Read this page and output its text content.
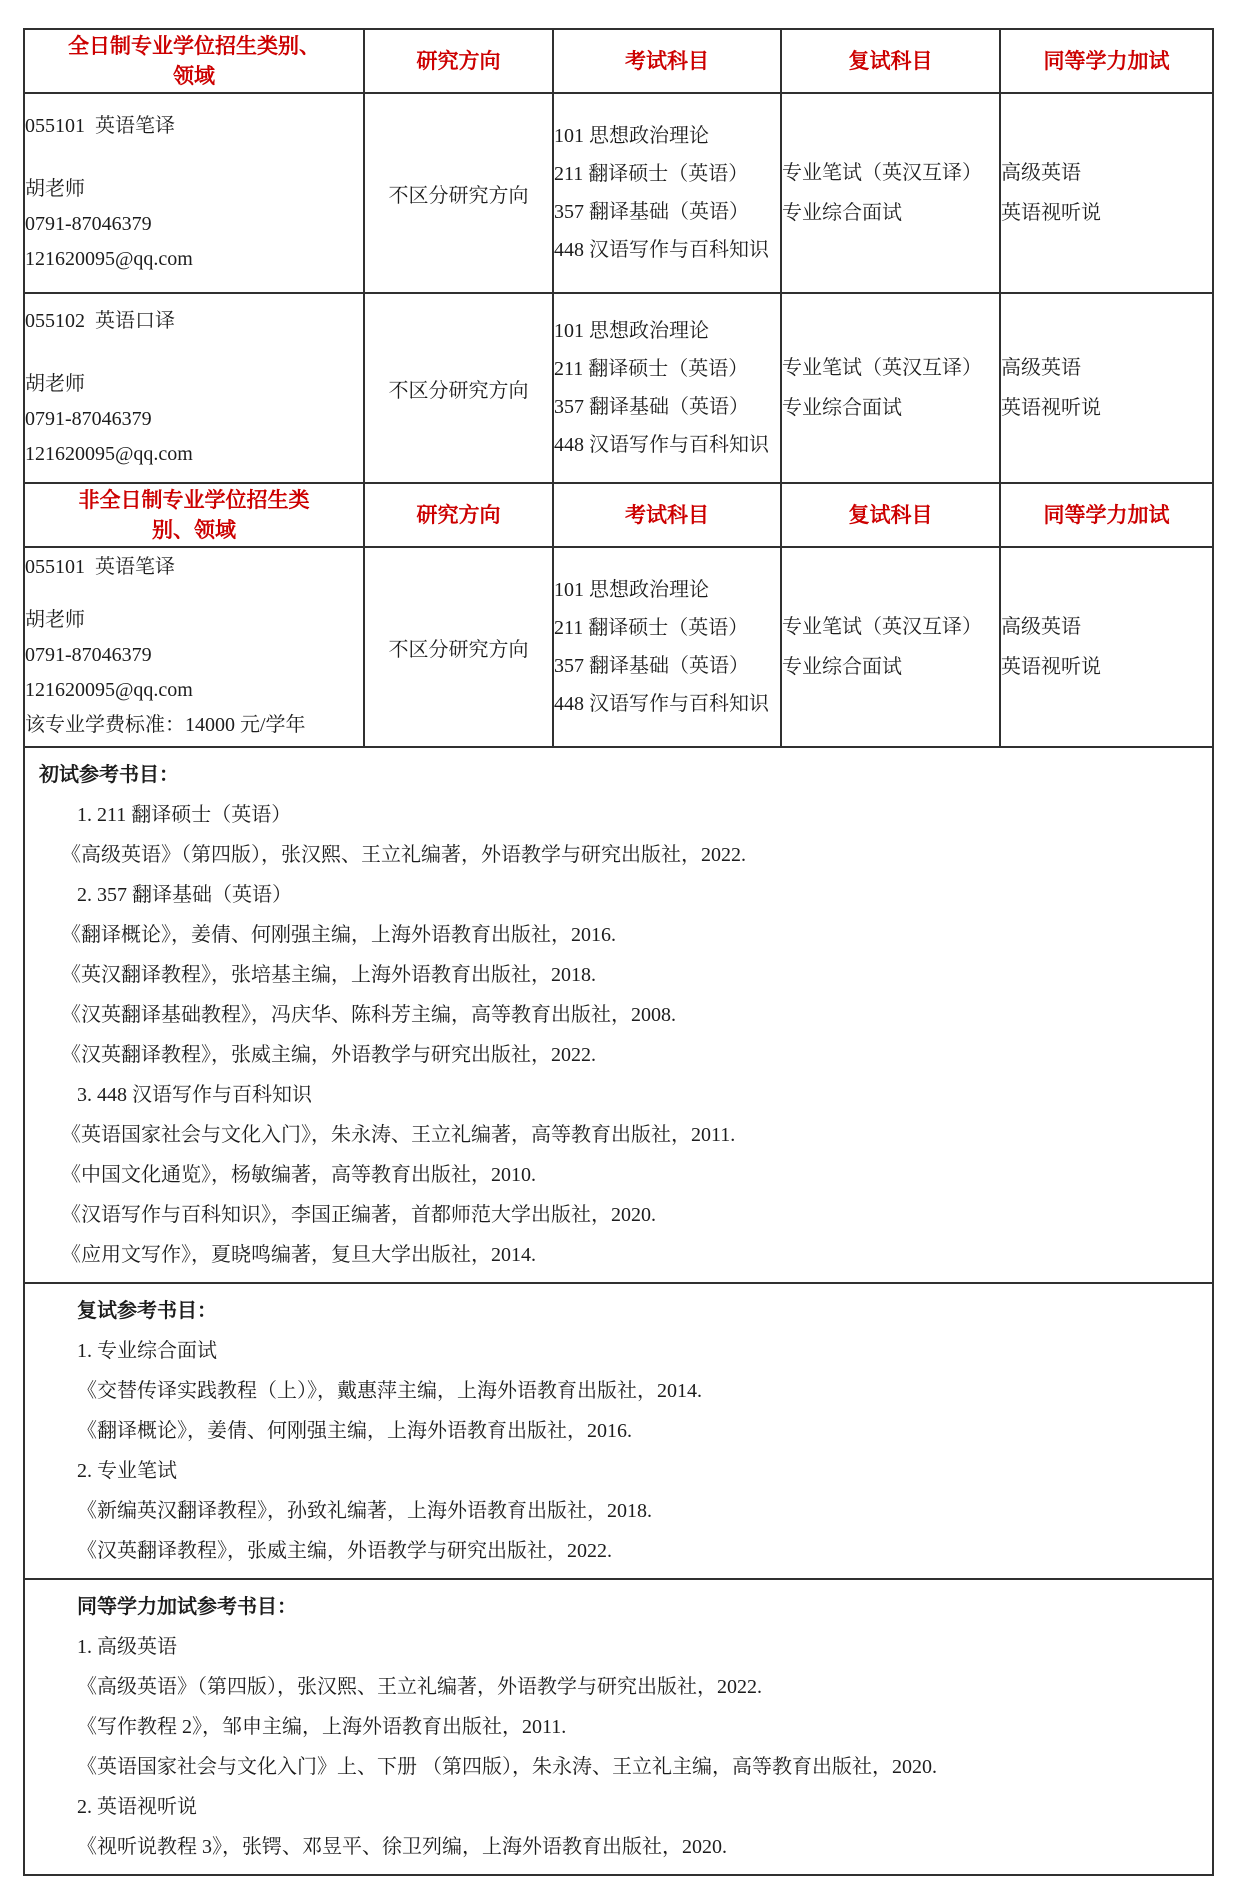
全日制专业学位招生类别、
领域	研究方向	考试科目	复试科目	同等学力加试

055101  英语笔译
胡老师
0791-87046379
121620095@qq.com
	不区分研究方向	
101 思想政治理论
211 翻译硕士（英语）
357 翻译基础（英语）
448 汉语写作与百科知识

专业笔试（英汉互译）
专业综合面试

高级英语
英语视听说

055102  英语口译
胡老师
0791-87046379
121620095@qq.com
	不区分研究方向	
101 思想政治理论
211 翻译硕士（英语）
357 翻译基础（英语）
448 汉语写作与百科知识

专业笔试（英汉互译）
专业综合面试

高级英语
英语视听说

非全日制专业学位招生类
别、领域	研究方向	考试科目	复试科目	同等学力加试

055101  英语笔译
胡老师
0791-87046379
121620095@qq.com
该专业学费标准：14000 元/学年
	不区分研究方向	
101 思想政治理论
211 翻译硕士（英语）
357 翻译基础（英语）
448 汉语写作与百科知识

专业笔试（英汉互译）
专业综合面试

高级英语
英语视听说

初试参考书目：
1. 211 翻译硕士（英语）
《高级英语》（第四版），张汉熙、王立礼编著，外语教学与研究出版社，2022.
2. 357 翻译基础（英语）
《翻译概论》，姜倩、何刚强主编，上海外语教育出版社，2016.
《英汉翻译教程》，张培基主编，上海外语教育出版社，2018.
《汉英翻译基础教程》，冯庆华、陈科芳主编，高等教育出版社，2008.
《汉英翻译教程》，张威主编，外语教学与研究出版社，2022.
3. 448 汉语写作与百科知识
《英语国家社会与文化入门》，朱永涛、王立礼编著，高等教育出版社，2011.
《中国文化通览》，杨敏编著，高等教育出版社，2010.
《汉语写作与百科知识》，李国正编著，首都师范大学出版社，2020.
《应用文写作》，夏晓鸣编著，复旦大学出版社，2014.

复试参考书目：
1. 专业综合面试
《交替传译实践教程（上）》，戴惠萍主编，上海外语教育出版社，2014.
《翻译概论》，姜倩、何刚强主编，上海外语教育出版社，2016.
2. 专业笔试
《新编英汉翻译教程》，孙致礼编著，上海外语教育出版社，2018.
《汉英翻译教程》，张威主编，外语教学与研究出版社，2022.

同等学力加试参考书目：
1. 高级英语
《高级英语》（第四版），张汉熙、王立礼编著，外语教学与研究出版社，2022.
《写作教程 2》，邹申主编，上海外语教育出版社，2011.
《英语国家社会与文化入门》上、下册 （第四版），朱永涛、王立礼主编，高等教育出版社，2020.
2. 英语视听说
《视听说教程 3》，张锷、邓昱平、徐卫列编，上海外语教育出版社，2020.
